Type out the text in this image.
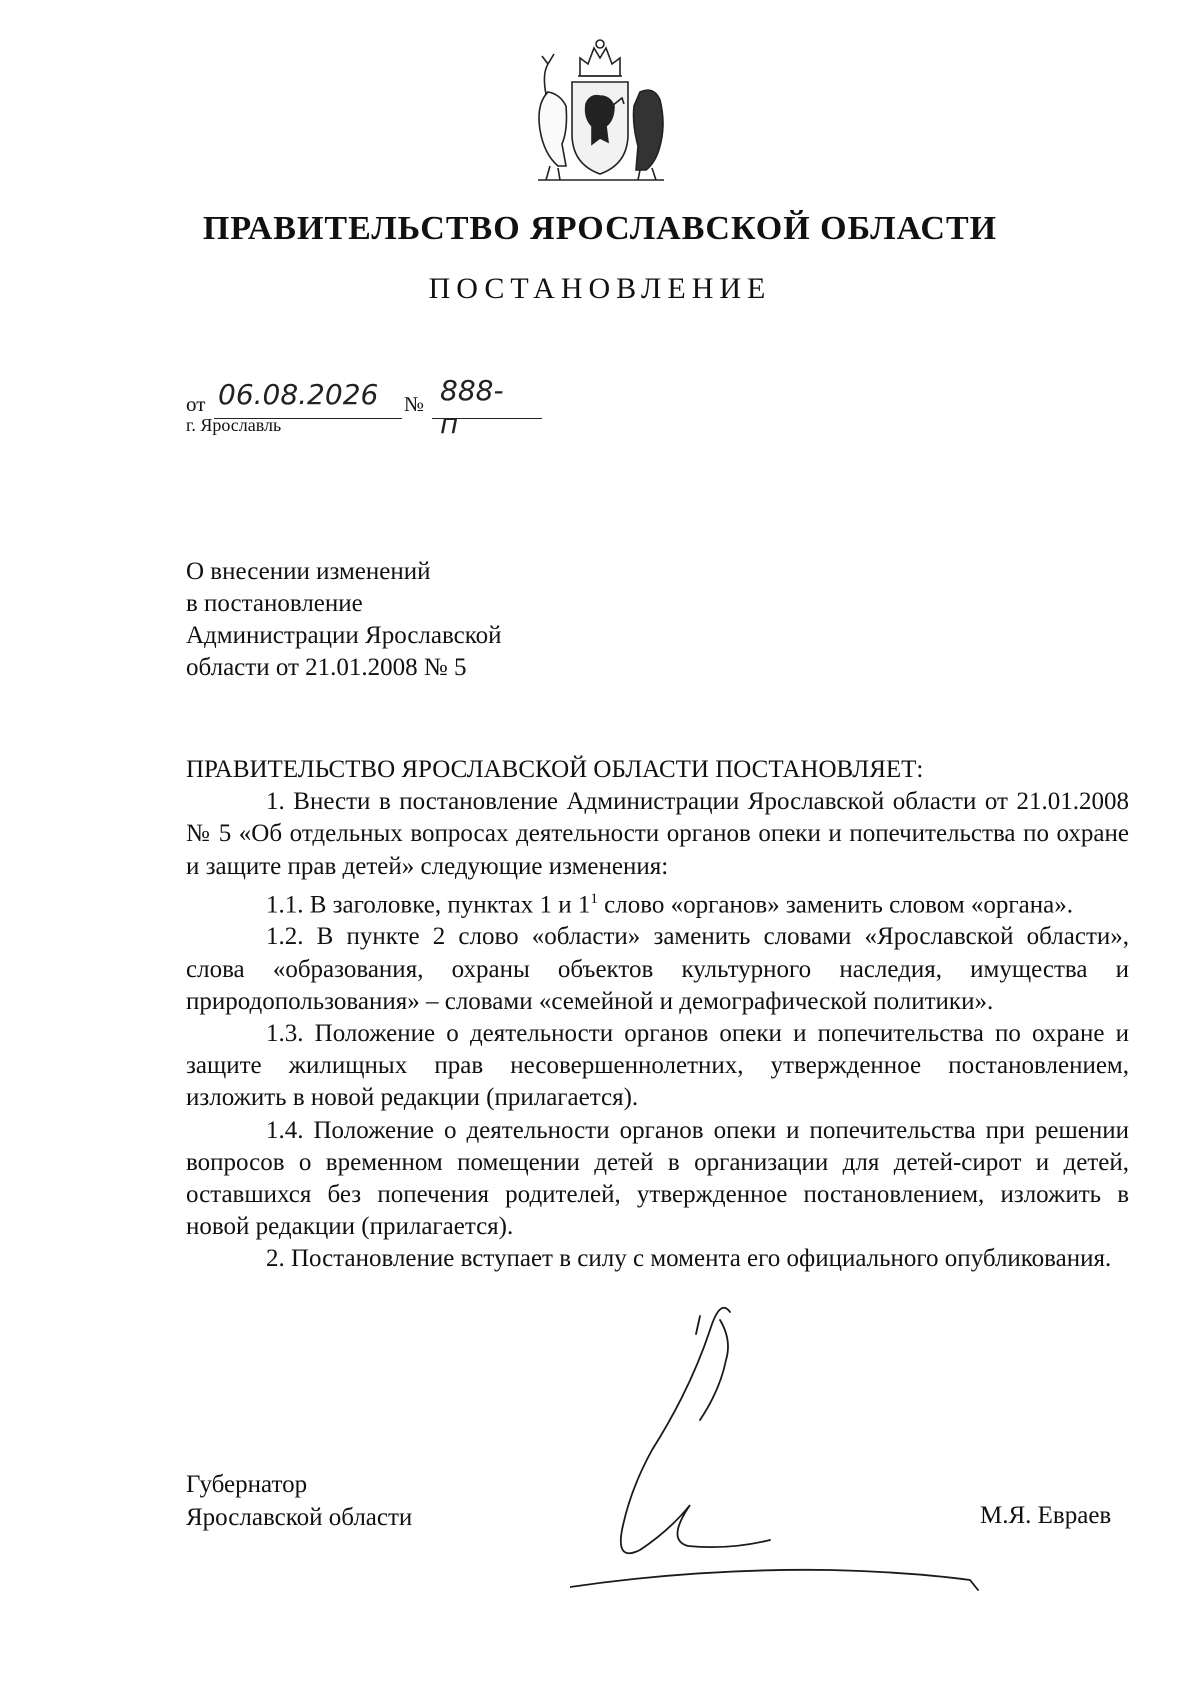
ПРАВИТЕЛЬСТВО ЯРОСЛАВСКОЙ ОБЛАСТИ
ПОСТАНОВЛЕНИЕ
от 06.08.2026 № 888-п
г. Ярославль
О внесении изменений
в постановление
Администрации Ярославской
области от 21.01.2008 № 5

ПРАВИТЕЛЬСТВО ЯРОСЛАВСКОЙ ОБЛАСТИ ПОСТАНОВЛЯЕТ:

1. Внести в постановление Администрации Ярославской области от 21.01.2008 № 5 «Об отдельных вопросах деятельности органов опеки и попечительства по охране и защите прав детей» следующие изменения:

1.1. В заголовке, пунктах 1 и $1^1$ слово «органов» заменить словом «органа».

1.2. В пункте 2 слово «области» заменить словами «Ярославской области», слова «образования, охраны объектов культурного наследия, имущества и природопользования» – словами «семейной и демографической политики».

1.3. Положение о деятельности органов опеки и попечительства по охране и защите жилищных прав несовершеннолетних, утвержденное постановлением, изложить в новой редакции (прилагается).

1.4. Положение о деятельности органов опеки и попечительства при решении вопросов о временном помещении детей в организации для детей-сирот и детей, оставшихся без попечения родителей, утвержденное постановлением, изложить в новой редакции (прилагается).

2. Постановление вступает в силу с момента его официального опубликования.

Губернатор
Ярославской области	М.Я. Евраев
